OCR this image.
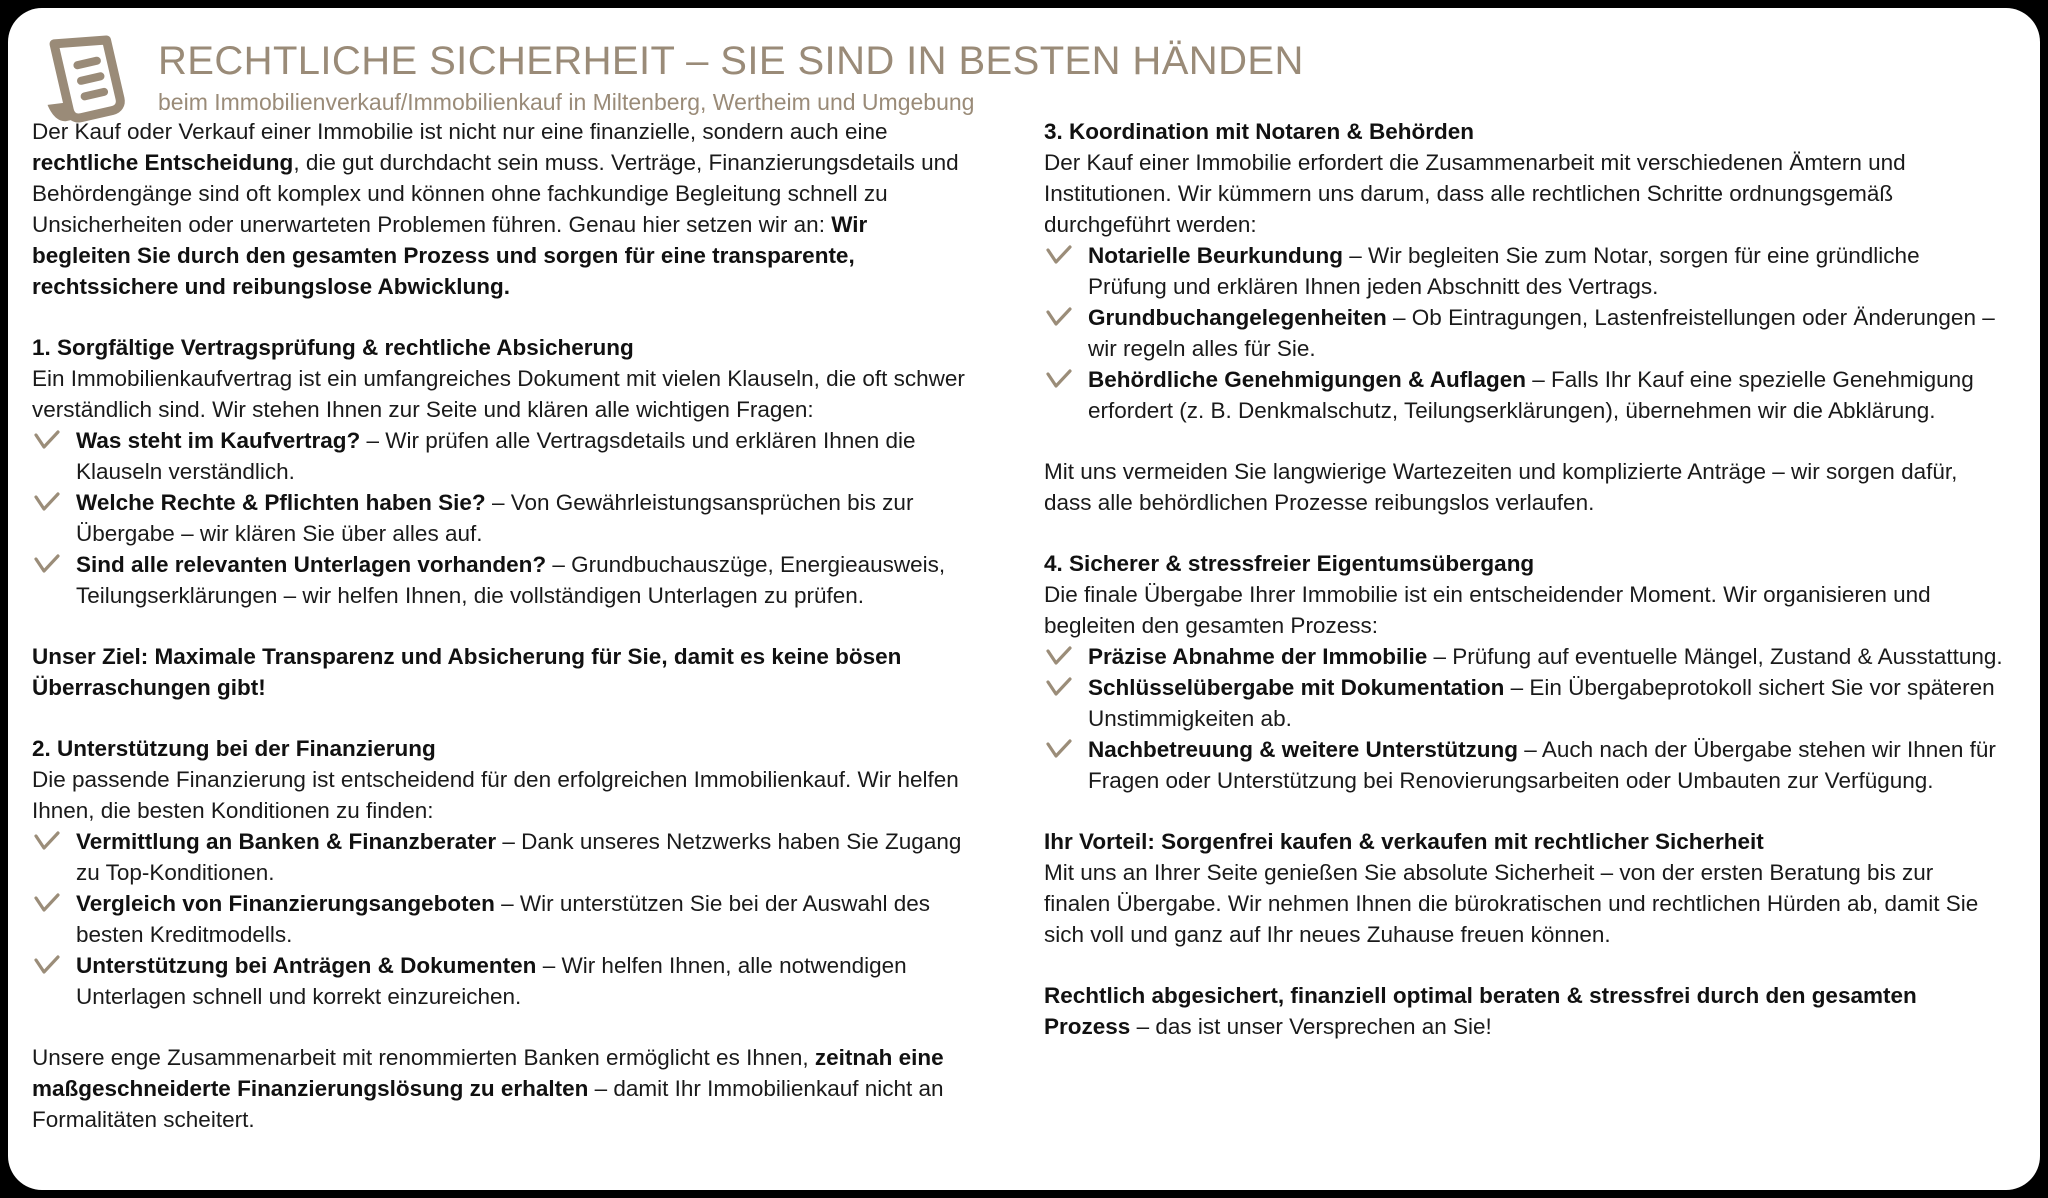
RECHTLICHE SICHERHEIT – SIE SIND IN BESTEN HÄNDEN
beim Immobilienverkauf/Immobilienkauf in Miltenberg, Wertheim und Umgebung

Der Kauf oder Verkauf einer Immobilie ist nicht nur eine finanzielle, sondern auch eine rechtliche Entscheidung, die gut durchdacht sein muss. Verträge, Finanzierungsdetails und Behördengänge sind oft komplex und können ohne fachkundige Begleitung schnell zu Unsicherheiten oder unerwarteten Problemen führen. Genau hier setzen wir an: Wir begleiten Sie durch den gesamten Prozess und sorgen für eine transparente, rechtssichere und reibungslose Abwicklung.

1. Sorgfältige Vertragsprüfung & rechtliche Absicherung

Ein Immobilienkaufvertrag ist ein umfangreiches Dokument mit vielen Klauseln, die oft schwer verständlich sind. Wir stehen Ihnen zur Seite und klären alle wichtigen Fragen:

Was steht im Kaufvertrag? – Wir prüfen alle Vertragsdetails und erklären Ihnen die Klauseln verständlich.
Welche Rechte & Pflichten haben Sie? – Von Gewährleistungsansprüchen bis zur Übergabe – wir klären Sie über alles auf.
Sind alle relevanten Unterlagen vorhanden? – Grundbuchauszüge, Energieausweis, Teilungserklärungen – wir helfen Ihnen, die vollständigen Unterlagen zu prüfen.

Unser Ziel: Maximale Transparenz und Absicherung für Sie, damit es keine bösen Überraschungen gibt!

2. Unterstützung bei der Finanzierung

Die passende Finanzierung ist entscheidend für den erfolgreichen Immobilienkauf. Wir helfen Ihnen, die besten Konditionen zu finden:

Vermittlung an Banken & Finanzberater – Dank unseres Netzwerks haben Sie Zugang zu Top-Konditionen.
Vergleich von Finanzierungsangeboten – Wir unterstützen Sie bei der Auswahl des besten Kreditmodells.
Unterstützung bei Anträgen & Dokumenten – Wir helfen Ihnen, alle notwendigen Unterlagen schnell und korrekt einzureichen.

Unsere enge Zusammenarbeit mit renommierten Banken ermöglicht es Ihnen, zeitnah eine maßgeschneiderte Finanzierungslösung zu erhalten – damit Ihr Immobilienkauf nicht an Formalitäten scheitert.

3. Koordination mit Notaren & Behörden

Der Kauf einer Immobilie erfordert die Zusammenarbeit mit verschiedenen Ämtern und Institutionen. Wir kümmern uns darum, dass alle rechtlichen Schritte ordnungsgemäß durchgeführt werden:

Notarielle Beurkundung – Wir begleiten Sie zum Notar, sorgen für eine gründliche Prüfung und erklären Ihnen jeden Abschnitt des Vertrags.
Grundbuchangelegenheiten – Ob Eintragungen, Lastenfreistellungen oder Änderungen – wir regeln alles für Sie.
Behördliche Genehmigungen & Auflagen – Falls Ihr Kauf eine spezielle Genehmigung erfordert (z. B. Denkmalschutz, Teilungserklärungen), übernehmen wir die Abklärung.

Mit uns vermeiden Sie langwierige Wartezeiten und komplizierte Anträge – wir sorgen dafür, dass alle behördlichen Prozesse reibungslos verlaufen.

4. Sicherer & stressfreier Eigentumsübergang

Die finale Übergabe Ihrer Immobilie ist ein entscheidender Moment. Wir organisieren und begleiten den gesamten Prozess:

Präzise Abnahme der Immobilie – Prüfung auf eventuelle Mängel, Zustand & Ausstattung.
Schlüsselübergabe mit Dokumentation – Ein Übergabeprotokoll sichert Sie vor späteren Unstimmigkeiten ab.
Nachbetreuung & weitere Unterstützung – Auch nach der Übergabe stehen wir Ihnen für Fragen oder Unterstützung bei Renovierungsarbeiten oder Umbauten zur Verfügung.
Ihr Vorteil: Sorgenfrei kaufen & verkaufen mit rechtlicher Sicherheit

Mit uns an Ihrer Seite genießen Sie absolute Sicherheit – von der ersten Beratung bis zur finalen Übergabe. Wir nehmen Ihnen die bürokratischen und rechtlichen Hürden ab, damit Sie sich voll und ganz auf Ihr neues Zuhause freuen können.

Rechtlich abgesichert, finanziell optimal beraten & stressfrei durch den gesamten Prozess – das ist unser Versprechen an Sie!
